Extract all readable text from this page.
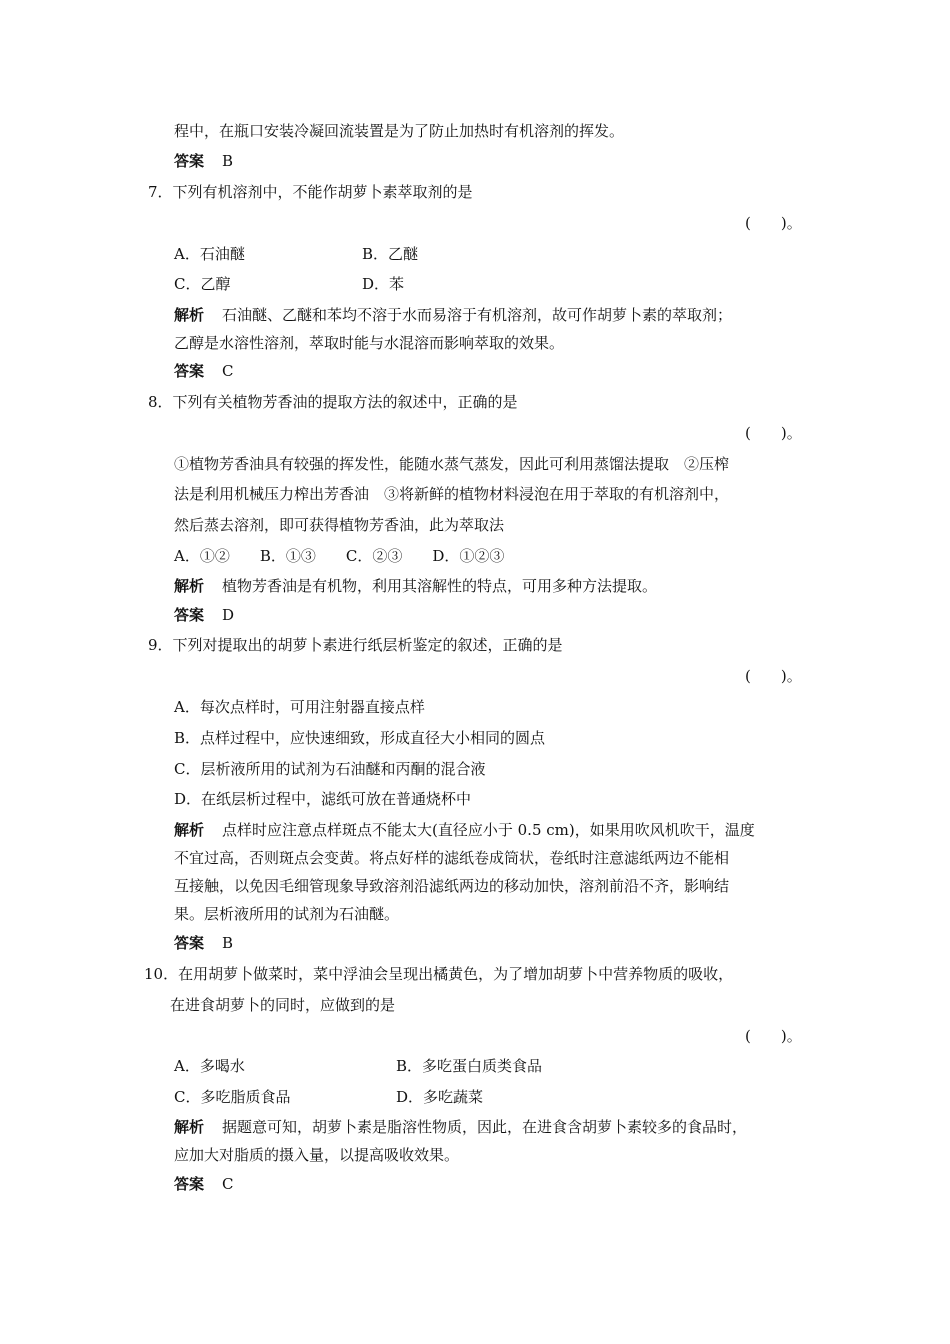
程中，在瓶口安装冷凝回流装置是为了防止加热时有机溶剂的挥发。
答案 B
7．下列有机溶剂中，不能作胡萝卜素萃取剂的是
(　　)。
A．石油醚	B．乙醚
C．乙醇	D．苯
解析 石油醚、乙醚和苯均不溶于水而易溶于有机溶剂，故可作胡萝卜素的萃取剂；
乙醇是水溶性溶剂，萃取时能与水混溶而影响萃取的效果。
答案 C
8．下列有关植物芳香油的提取方法的叙述中，正确的是
(　　)。
①植物芳香油具有较强的挥发性，能随水蒸气蒸发，因此可利用蒸馏法提取　②压榨
法是利用机械压力榨出芳香油　③将新鲜的植物材料浸泡在用于萃取的有机溶剂中，
然后蒸去溶剂，即可获得植物芳香油，此为萃取法
A．①②　　B．①③　　C．②③　　D．①②③
解析 植物芳香油是有机物，利用其溶解性的特点，可用多种方法提取。
答案 D
9．下列对提取出的胡萝卜素进行纸层析鉴定的叙述，正确的是
(　　)。
A．每次点样时，可用注射器直接点样
B．点样过程中，应快速细致，形成直径大小相同的圆点
C．层析液所用的试剂为石油醚和丙酮的混合液
D．在纸层析过程中，滤纸可放在普通烧杯中
解析 点样时应注意点样斑点不能太大(直径应小于 0.5 cm)，如果用吹风机吹干，温度
不宜过高，否则斑点会变黄。将点好样的滤纸卷成筒状，卷纸时注意滤纸两边不能相
互接触，以免因毛细管现象导致溶剂沿滤纸两边的移动加快，溶剂前沿不齐，影响结
果。层析液所用的试剂为石油醚。
答案 B
10．在用胡萝卜做菜时，菜中浮油会呈现出橘黄色，为了增加胡萝卜中营养物质的吸收，
在进食胡萝卜的同时，应做到的是
(　　)。
A．多喝水	B．多吃蛋白质类食品
C．多吃脂质食品	D．多吃蔬菜
解析 据题意可知，胡萝卜素是脂溶性物质，因此，在进食含胡萝卜素较多的食品时，
应加大对脂质的摄入量，以提高吸收效果。
答案 C
